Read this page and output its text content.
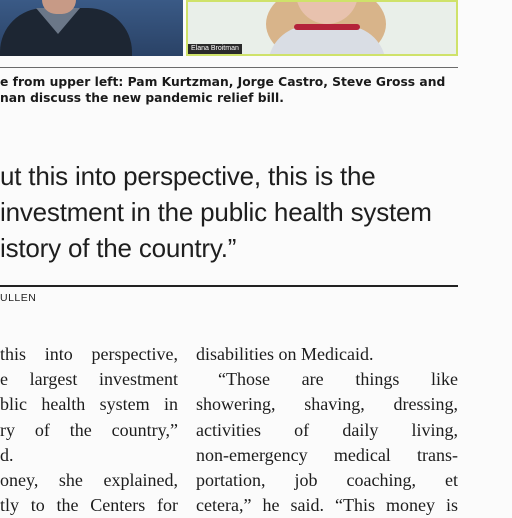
Elana Broitman
e from upper left: Pam Kurtzman, Jorge Castro, Steve Gross and
nan discuss the new pandemic relief bill.
ut this into perspective, this is the
investment in the public health system
istory of the country.”
ULLEN
this into perspective,
e largest investment
blic health system in
ry of the country,”
d.
oney, she explained,
tly to the Centers for
disabilities on Medicaid.
“Those are things like
showering, shaving, dressing,
activities of daily living,
non-emergency medical trans-
portation, job coaching, et
cetera,” he said. “This money is
